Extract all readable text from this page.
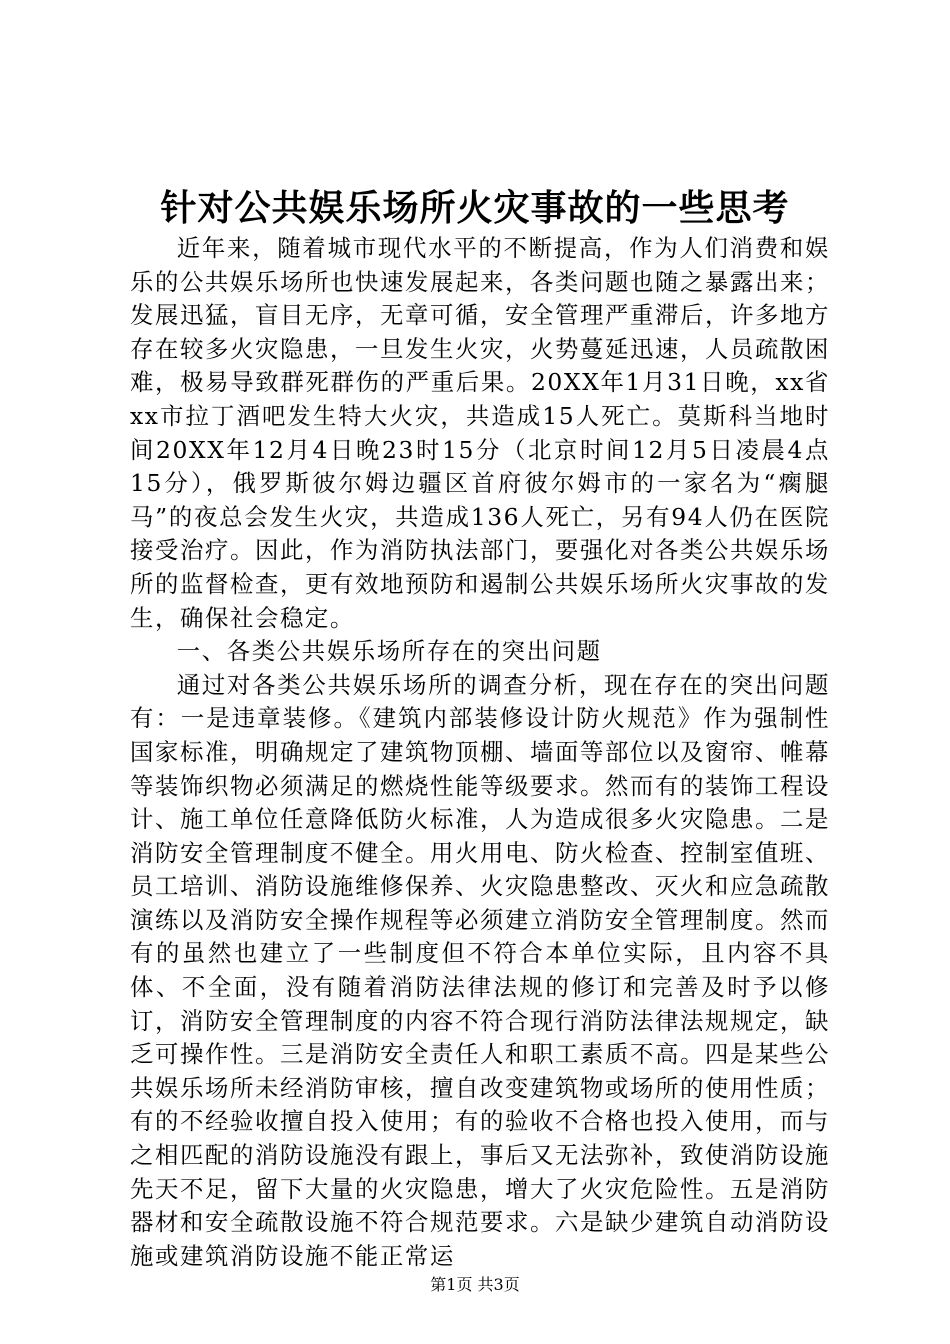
针对公共娱乐场所火灾事故的一些思考

近年来，随着城市现代水平的不断提高，作为人们消费和娱乐的公共娱乐场所也快速发展起来，各类问题也随之暴露出来；发展迅猛，盲目无序，无章可循，安全管理严重滞后，许多地方存在较多火灾隐患，一旦发生火灾，火势蔓延迅速，人员疏散困难，极易导致群死群伤的严重后果。20XX年1月31日晚，xx省xx市拉丁酒吧发生特大火灾，共造成15人死亡。莫斯科当地时间20XX年12月4日晚23时15分（北京时间12月5日凌晨4点15分），俄罗斯彼尔姆边疆区首府彼尔姆市的一家名为“瘸腿马”的夜总会发生火灾，共造成136人死亡，另有94人仍在医院接受治疗。因此，作为消防执法部门，要强化对各类公共娱乐场所的监督检查，更有效地预防和遏制公共娱乐场所火灾事故的发生，确保社会稳定。

一、各类公共娱乐场所存在的突出问题

通过对各类公共娱乐场所的调查分析，现在存在的突出问题有：一是违章装修。《建筑内部装修设计防火规范》作为强制性国家标准，明确规定了建筑物顶棚、墙面等部位以及窗帘、帷幕等装饰织物必须满足的燃烧性能等级要求。然而有的装饰工程设计、施工单位任意降低防火标准，人为造成很多火灾隐患。二是消防安全管理制度不健全。用火用电、防火检查、控制室值班、员工培训、消防设施维修保养、火灾隐患整改、灭火和应急疏散演练以及消防安全操作规程等必须建立消防安全管理制度。然而有的虽然也建立了一些制度但不符合本单位实际，且内容不具体、不全面，没有随着消防法律法规的修订和完善及时予以修订，消防安全管理制度的内容不符合现行消防法律法规规定，缺乏可操作性。三是消防安全责任人和职工素质不高。四是某些公共娱乐场所未经消防审核，擅自改变建筑物或场所的使用性质；有的不经验收擅自投入使用；有的验收不合格也投入使用，而与之相匹配的消防设施没有跟上，事后又无法弥补，致使消防设施先天不足，留下大量的火灾隐患，增大了火灾危险性。五是消防器材和安全疏散设施不符合规范要求。六是缺少建筑自动消防设施或建筑消防设施不能正常运

第1页 共3页
